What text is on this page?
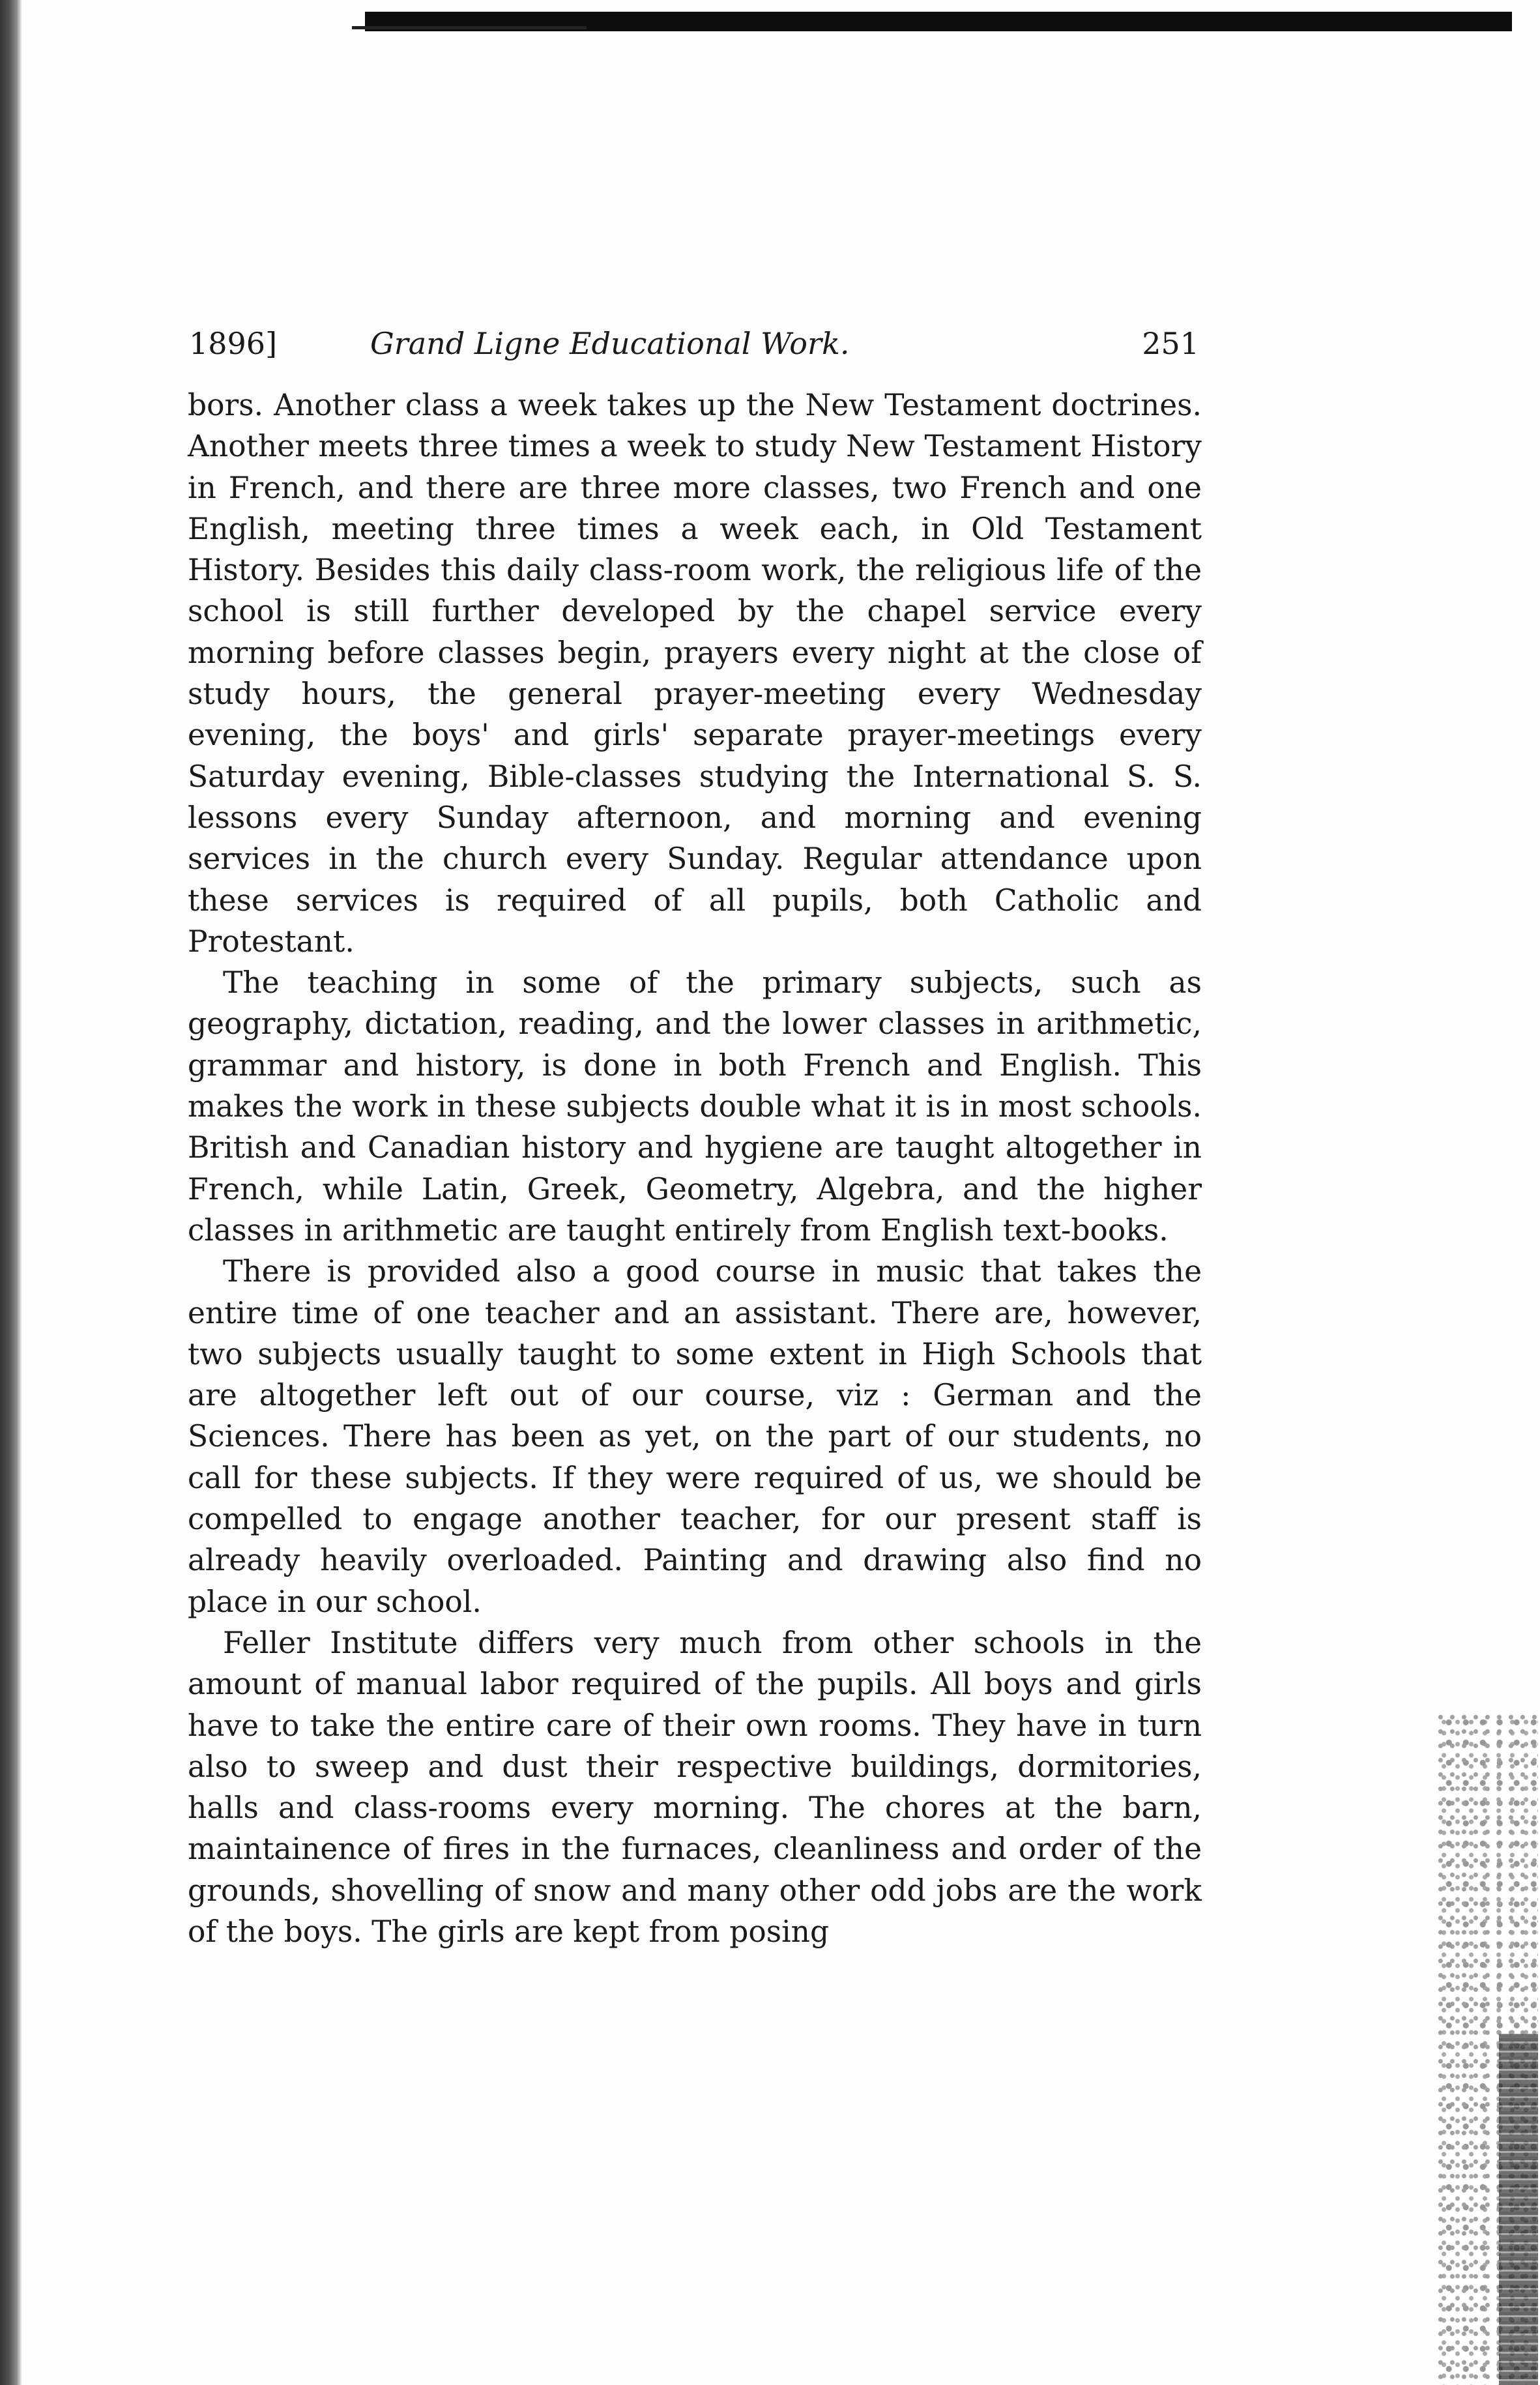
1896]	Grand Ligne Educational Work.	251

bors. Another class a week takes up the New Testament doctrines. Another meets three times a week to study New Testament History in French, and there are three more classes, two French and one English, meeting three times a week each, in Old Testament History. Besides this daily class-room work, the religious life of the school is still further developed by the chapel service every morning before classes begin, prayers every night at the close of study hours, the general prayer-meeting every Wednesday evening, the boys' and girls' separate prayer-meetings every Saturday evening, Bible-classes studying the International S. S. lessons every Sunday afternoon, and morning and evening services in the church every Sunday. Regular attendance upon these services is required of all pupils, both Catholic and Protestant.

The teaching in some of the primary subjects, such as geography, dictation, reading, and the lower classes in arithmetic, grammar and history, is done in both French and English. This makes the work in these subjects double what it is in most schools. British and Canadian history and hygiene are taught altogether in French, while Latin, Greek, Geometry, Algebra, and the higher classes in arithmetic are taught entirely from English text-books.

There is provided also a good course in music that takes the entire time of one teacher and an assistant. There are, however, two subjects usually taught to some extent in High Schools that are altogether left out of our course, viz : German and the Sciences. There has been as yet, on the part of our students, no call for these subjects. If they were required of us, we should be compelled to engage another teacher, for our present staff is already heavily overloaded. Painting and drawing also find no place in our school.

Feller Institute differs very much from other schools in the amount of manual labor required of the pupils. All boys and girls have to take the entire care of their own rooms. They have in turn also to sweep and dust their respective buildings, dormitories, halls and class-rooms every morning. The chores at the barn, maintainence of fires in the furnaces, cleanliness and order of the grounds, shovelling of snow and many other odd jobs are the work of the boys. The girls are kept from posing
